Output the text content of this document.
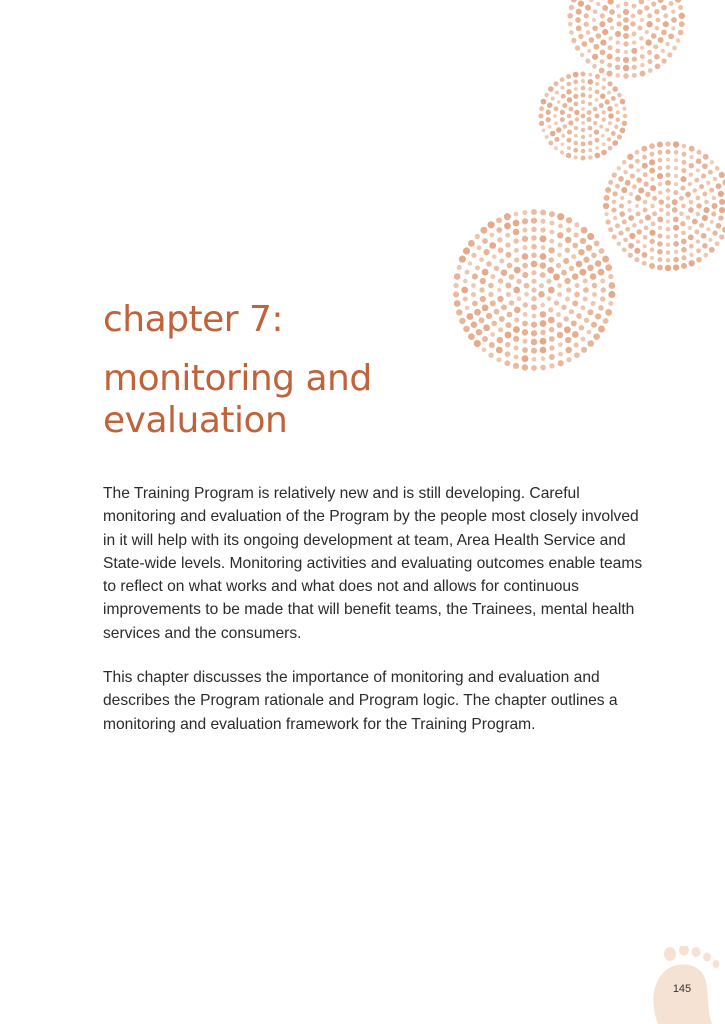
chapter 7:
monitoring and
evaluation

The Training Program is relatively new and is still developing. Careful monitoring and evaluation of the Program by the people most closely involved in it will help with its ongoing development at team, Area Health Service and State-wide levels. Monitoring activities and evaluating outcomes enable teams to reflect on what works and what does not and allows for continuous improvements to be made that will benefit teams, the Trainees, mental health services and the consumers.

This chapter discusses the importance of monitoring and evaluation and describes the Program rationale and Program logic. The chapter outlines a monitoring and evaluation framework for the Training Program.

145
